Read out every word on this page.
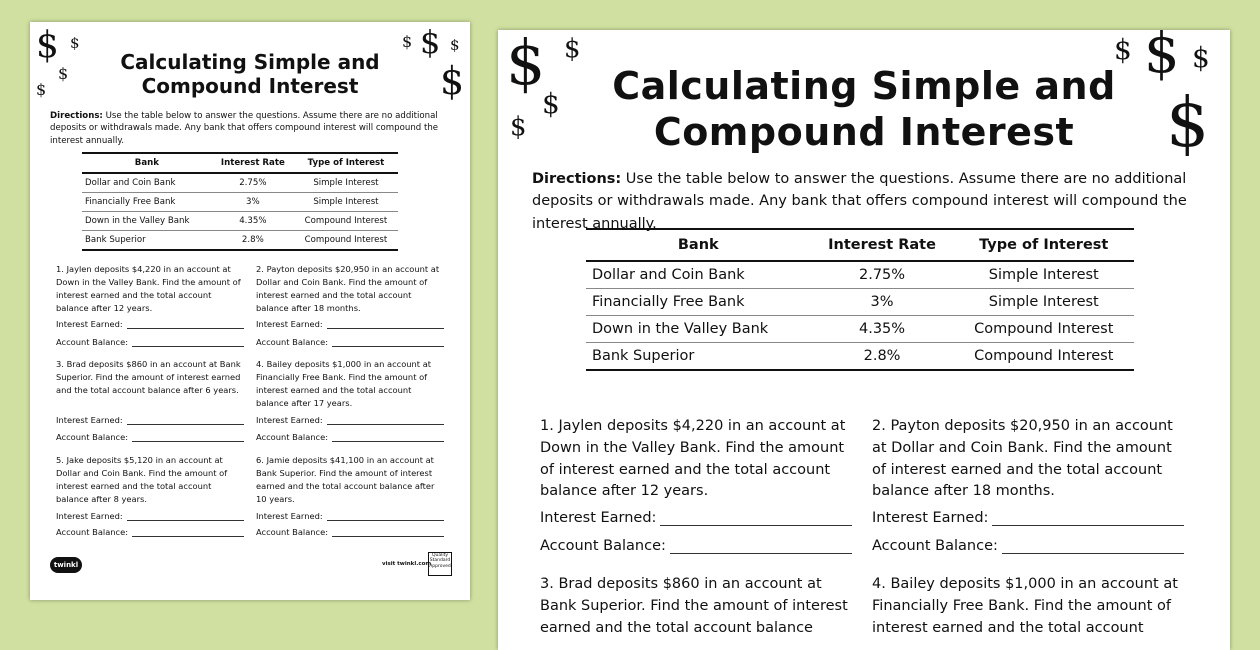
$ $
$
$
$ $ $
$
Calculating Simple and
Compound Interest
Directions: Use the table below to answer the questions. Assume there are no additional deposits or withdrawals made. Any bank that offers compound interest will compound the interest annually.
Bank	Interest Rate	Type of Interest
Dollar and Coin Bank	2.75%	Simple Interest
Financially Free Bank	3%	Simple Interest
Down in the Valley Bank	4.35%	Compound Interest
Bank Superior	2.8%	Compound Interest
1. Jaylen deposits $4,220 in an account at Down in the Valley Bank. Find the amount of interest earned and the total account balance after 12 years.
2. Payton deposits $20,950 in an account at Dollar and Coin Bank. Find the amount of interest earned and the total account balance after 18 months.
Interest Earned:	Interest Earned:
Account Balance:	Account Balance:
3. Brad deposits $860 in an account at Bank Superior. Find the amount of interest earned and the total account balance after 6 years.
4. Bailey deposits $1,000 in an account at Financially Free Bank. Find the amount of interest earned and the total account balance after 17 years.
Interest Earned:	Interest Earned:
Account Balance:	Account Balance:
5. Jake deposits $5,120 in an account at Dollar and Coin Bank. Find the amount of interest earned and the total account balance after 8 years.
6. Jamie deposits $41,100 in an account at Bank Superior. Find the amount of interest earned and the total account balance after 10 years.
Interest Earned:	Interest Earned:
Account Balance:	Account Balance:
twinkl	visit twinkl.com
Quality Standard Approved
$ $
$
$
$ $ $
$
Calculating Simple and
Compound Interest
Directions: Use the table below to answer the questions. Assume there are no additional deposits or withdrawals made. Any bank that offers compound interest will compound the interest annually.
Bank	Interest Rate	Type of Interest
Dollar and Coin Bank	2.75%	Simple Interest
Financially Free Bank	3%	Simple Interest
Down in the Valley Bank	4.35%	Compound Interest
Bank Superior	2.8%	Compound Interest
1. Jaylen deposits $4,220 in an account at Down in the Valley Bank. Find the amount of interest earned and the total account balance after 12 years.
2. Payton deposits $20,950 in an account at Dollar and Coin Bank. Find the amount of interest earned and the total account balance after 18 months.
Interest Earned:	Interest Earned:
Account Balance:	Account Balance:
3. Brad deposits $860 in an account at Bank Superior. Find the amount of interest earned and the total account balance
4. Bailey deposits $1,000 in an account at Financially Free Bank. Find the amount of interest earned and the total account
